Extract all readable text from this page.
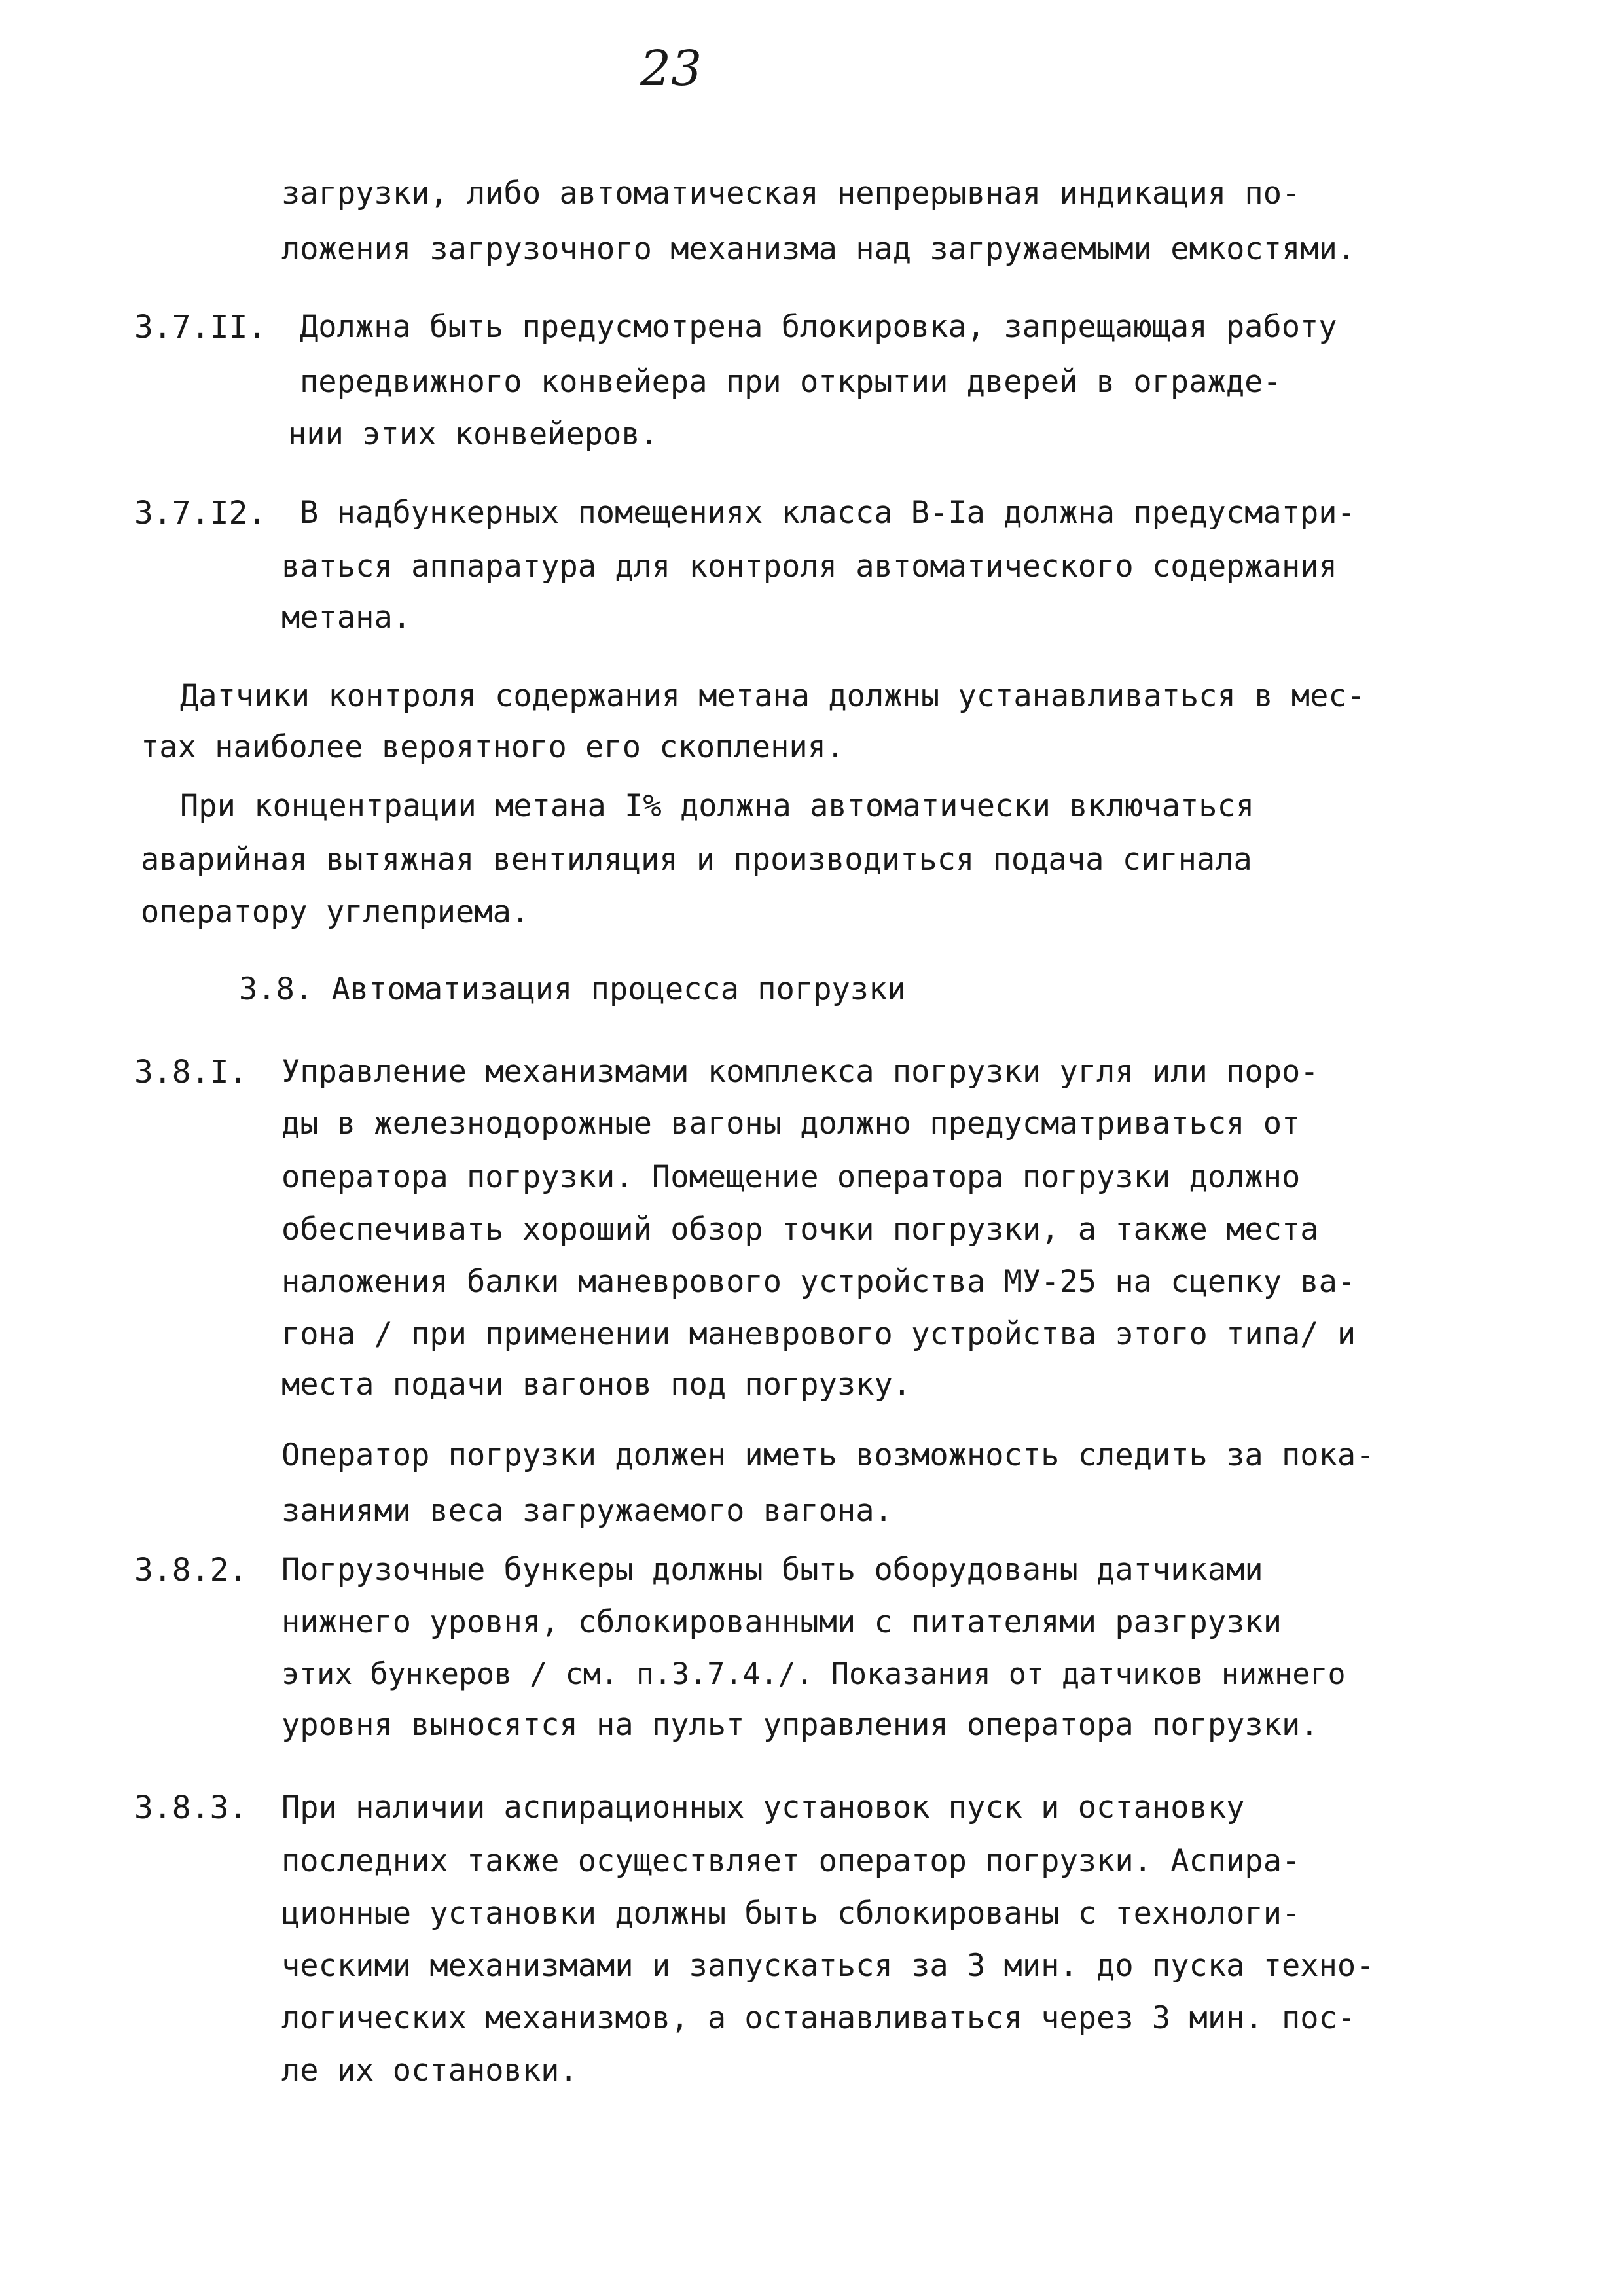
23
загрузки, либо автоматическая непрерывная индикация по-
ложения загрузочного механизма над загружаемыми емкостями.
3.7.II. Должна быть предусмотрена блокировка, запрещающая работу
передвижного конвейера при открытии дверей в огражде-
нии этих конвейеров.
3.7.I2. В надбункерных помещениях класса В-Iа должна предусматри-
ваться аппаратура для контроля автоматического содержания
метана.
Датчики контроля содержания метана должны устанавливаться в мес-
тах наиболее вероятного его скопления.
При концентрации метана I% должна автоматически включаться
аварийная вытяжная вентиляция и производиться подача сигнала
оператору углеприема.
3.8. Автоматизация процесса погрузки
3.8.I. Управление механизмами комплекса погрузки угля или поро-
ды в железнодорожные вагоны должно предусматриваться от
оператора погрузки. Помещение оператора погрузки должно
обеспечивать хороший обзор точки погрузки, а также места
наложения балки маневрового устройства МУ-25 на сцепку ва-
гона / при применении маневрового устройства этого типа/ и
места подачи вагонов под погрузку.
Оператор погрузки должен иметь возможность следить за пока-
заниями веса загружаемого вагона.
3.8.2. Погрузочные бункеры должны быть оборудованы датчиками
нижнего уровня, сблокированными с питателями разгрузки
этих бункеров / см. п.3.7.4./. Показания от датчиков нижнего
уровня выносятся на пульт управления оператора погрузки.
3.8.3. При наличии аспирационных установок пуск и остановку
последних также осуществляет оператор погрузки. Аспира-
ционные установки должны быть сблокированы с технологи-
ческими механизмами и запускаться за 3 мин. до пуска техно-
логических механизмов, а останавливаться через 3 мин. пос-
ле их остановки.
